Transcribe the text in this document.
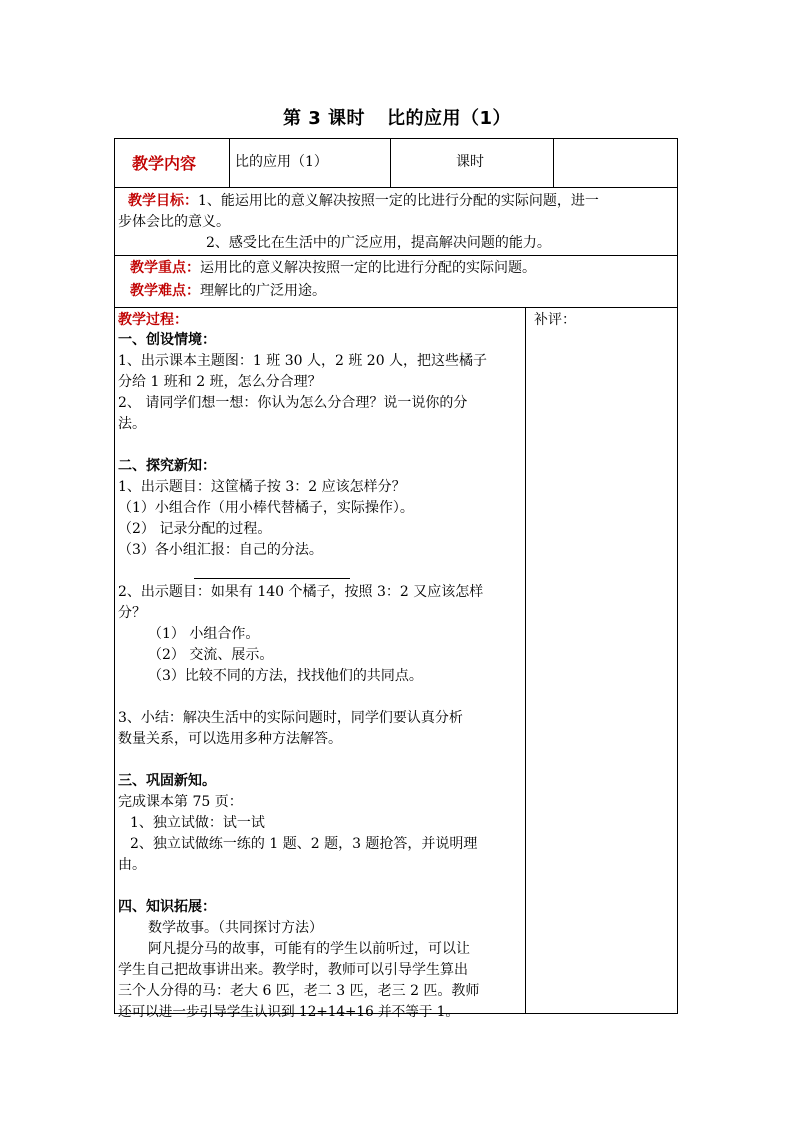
第 3 课时 比的应用（1）
教学内容	比的应用（1）	课时
教学目标：1、能运用比的意义解决按照一定的比进行分配的实际问题，进一
步体会比的意义。
2、感受比在生活中的广泛应用，提高解决问题的能力。
教学重点：运用比的意义解决按照一定的比进行分配的实际问题。
教学难点：理解比的广泛用途。
教学过程：	补评：
一、创设情境：
1、出示课本主题图：1 班 30 人，2 班 20 人，把这些橘子
分给 1 班和 2 班，怎么分合理？
2、 请同学们想一想：你认为怎么分合理？说一说你的分
法。
二、探究新知：
1、出示题目：这筐橘子按 3：2 应该怎样分？
（1）小组合作（用小棒代替橘子，实际操作）。
（2） 记录分配的过程。
（3）各小组汇报：自己的分法。
2、出示题目：如果有 140 个橘子，按照 3：2 又应该怎样
分？
（1） 小组合作。
（2） 交流、展示。
（3）比较不同的方法，找找他们的共同点。
3、小结：解决生活中的实际问题时，同学们要认真分析
数量关系，可以选用多种方法解答。
三、巩固新知。
完成课本第 75 页：
1、独立试做：试一试
2、独立试做练一练的 1 题、2 题，3 题抢答，并说明理
由。
四、知识拓展：
数学故事。（共同探讨方法）
阿凡提分马的故事，可能有的学生以前听过，可以让
学生自己把故事讲出来。教学时，教师可以引导学生算出
三个人分得的马：老大 6 匹，老二 3 匹，老三 2 匹。教师
还可以进一步引导学生认识到 12+14+16 并不等于 1。
